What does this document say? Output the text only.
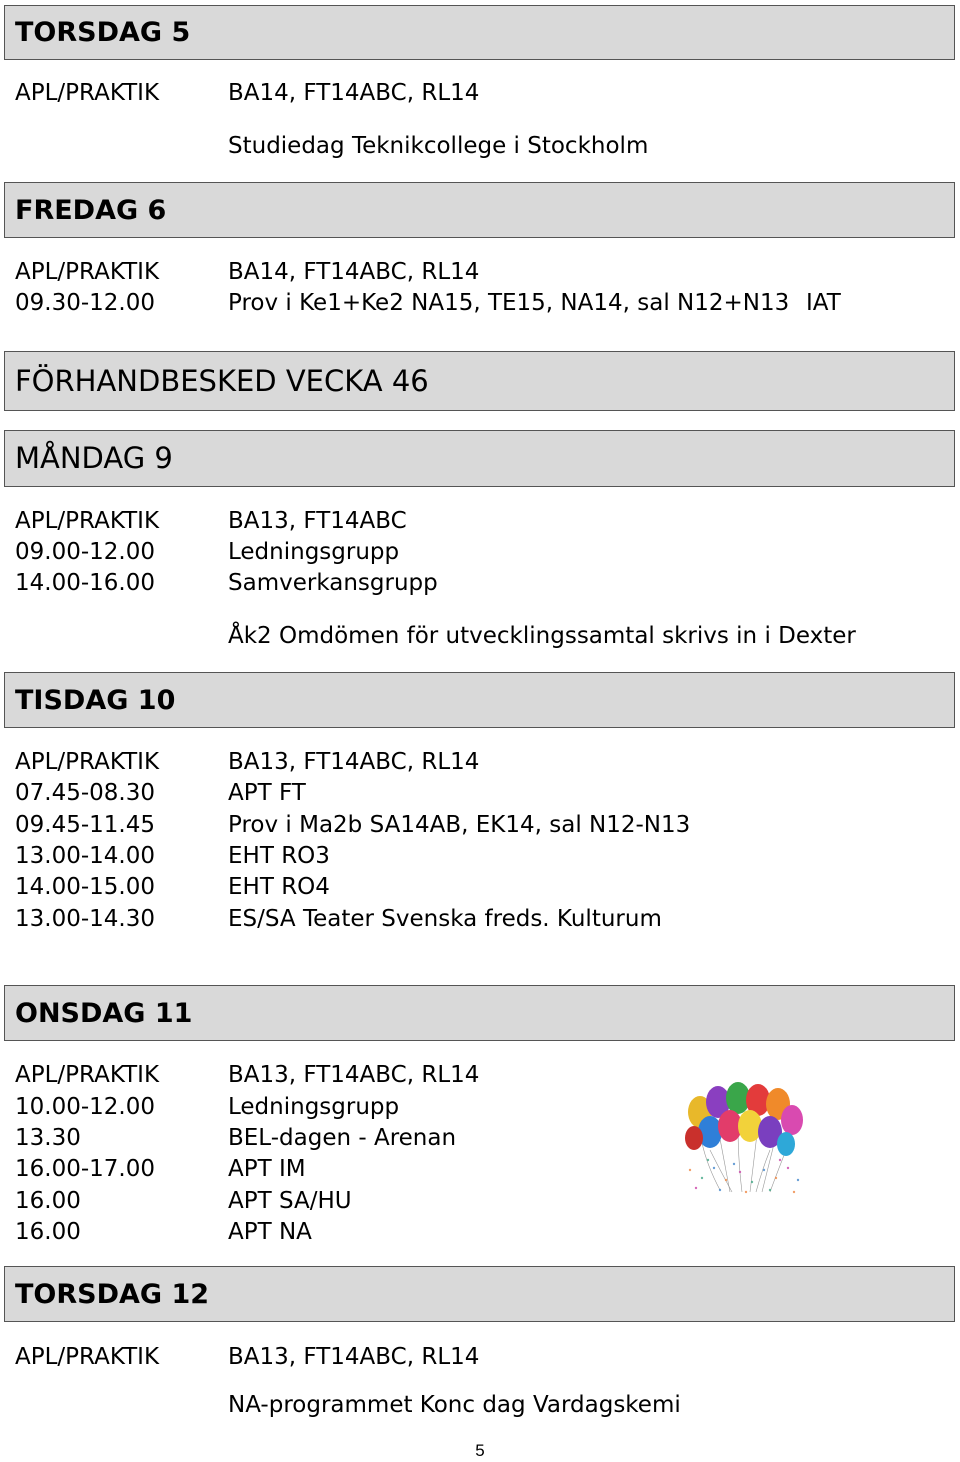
TORSDAG 5
APL/PRAKTIK	BA14, FT14ABC, RL14
Studiedag Teknikcollege i Stockholm
FREDAG 6
APL/PRAKTIK	BA14, FT14ABC, RL14
09.30-12.00	Prov i Ke1+Ke2 NA15, TE15, NA14, sal N12+N13 IAT
FÖRHANDBESKED VECKA 46
MÅNDAG 9
APL/PRAKTIK	BA13, FT14ABC
09.00-12.00	Ledningsgrupp
14.00-16.00	Samverkansgrupp
Åk2 Omdömen för utvecklingssamtal skrivs in i Dexter
TISDAG 10
APL/PRAKTIK	BA13, FT14ABC, RL14
07.45-08.30	APT FT
09.45-11.45	Prov i Ma2b SA14AB, EK14, sal N12-N13
13.00-14.00	EHT RO3
14.00-15.00	EHT RO4
13.00-14.30	ES/SA Teater Svenska freds. Kulturum
ONSDAG 11
APL/PRAKTIK	BA13, FT14ABC, RL14
10.00-12.00	Ledningsgrupp
13.30	BEL-dagen - Arenan
16.00-17.00	APT IM
16.00	APT SA/HU
16.00	APT NA
TORSDAG 12
APL/PRAKTIK	BA13, FT14ABC, RL14
NA-programmet Konc dag Vardagskemi
5
